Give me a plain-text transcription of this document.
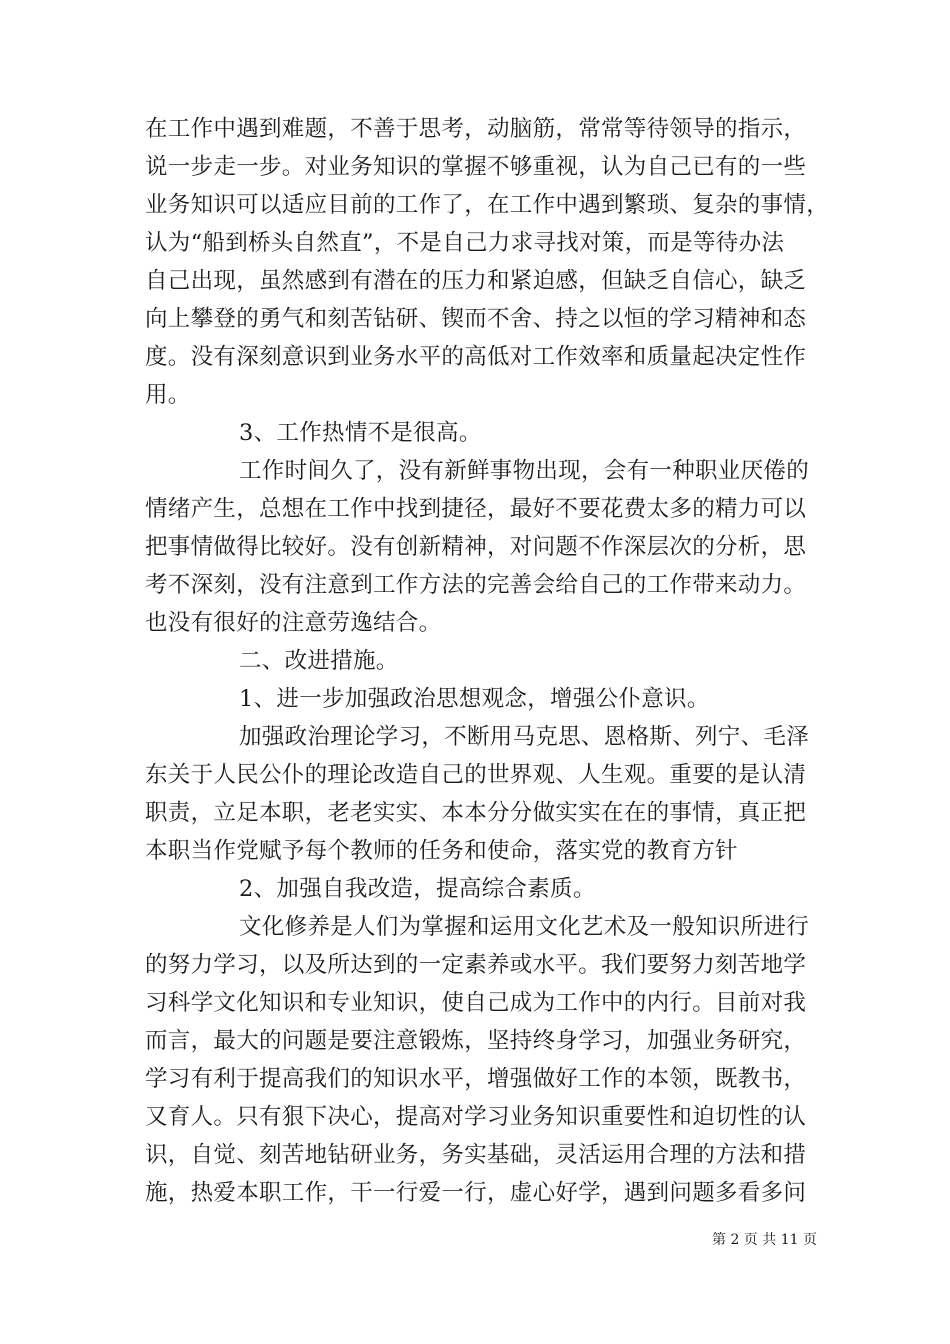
在工作中遇到难题，不善于思考，动脑筋，常常等待领导的指示，
说一步走一步。对业务知识的掌握不够重视，认为自己已有的一些
业务知识可以适应目前的工作了，在工作中遇到繁琐、复杂的事情，
认为“船到桥头自然直”，不是自己力求寻找对策，而是等待办法
自己出现，虽然感到有潜在的压力和紧迫感，但缺乏自信心，缺乏
向上攀登的勇气和刻苦钻研、锲而不舍、持之以恒的学习精神和态
度。没有深刻意识到业务水平的高低对工作效率和质量起决定性作
用。
3、工作热情不是很高。
工作时间久了，没有新鲜事物出现，会有一种职业厌倦的
情绪产生，总想在工作中找到捷径，最好不要花费太多的精力可以
把事情做得比较好。没有创新精神，对问题不作深层次的分析，思
考不深刻，没有注意到工作方法的完善会给自己的工作带来动力。
也没有很好的注意劳逸结合。
二、改进措施。
1、进一步加强政治思想观念，增强公仆意识。
加强政治理论学习，不断用马克思、恩格斯、列宁、毛泽
东关于人民公仆的理论改造自己的世界观、人生观。重要的是认清
职责，立足本职，老老实实、本本分分做实实在在的事情，真正把
本职当作党赋予每个教师的任务和使命，落实党的教育方针
2、加强自我改造，提高综合素质。
文化修养是人们为掌握和运用文化艺术及一般知识所进行
的努力学习，以及所达到的一定素养或水平。我们要努力刻苦地学
习科学文化知识和专业知识，使自己成为工作中的内行。目前对我
而言，最大的问题是要注意锻炼，坚持终身学习，加强业务研究，
学习有利于提高我们的知识水平，增强做好工作的本领，既教书，
又育人。只有狠下决心，提高对学习业务知识重要性和迫切性的认
识，自觉、刻苦地钻研业务，务实基础，灵活运用合理的方法和措
施，热爱本职工作，干一行爱一行，虚心好学，遇到问题多看多问
第 2 页 共 11 页
